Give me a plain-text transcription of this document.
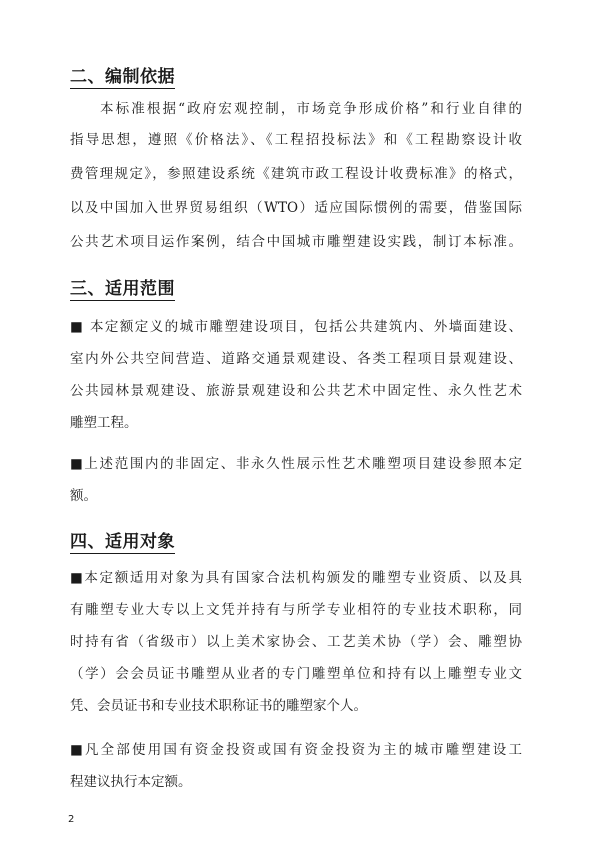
二、编制依据
本标准根据“政府宏观控制，市场竞争形成价格”和行业自律的
指导思想，遵照《价格法》、《工程招投标法》和《工程勘察设计收
费管理规定》，参照建设系统《建筑市政工程设计收费标准》的格式，
以及中国加入世界贸易组织（WTO）适应国际惯例的需要，借鉴国际
公共艺术项目运作案例，结合中国城市雕塑建设实践，制订本标准。
三、适用范围
■ 本定额定义的城市雕塑建设项目，包括公共建筑内、外墙面建设、
室内外公共空间营造、道路交通景观建设、各类工程项目景观建设、
公共园林景观建设、旅游景观建设和公共艺术中固定性、永久性艺术
雕塑工程。
■上述范围内的非固定、非永久性展示性艺术雕塑项目建设参照本定
额。
四、适用对象
■本定额适用对象为具有国家合法机构颁发的雕塑专业资质、以及具
有雕塑专业大专以上文凭并持有与所学专业相符的专业技术职称，同
时持有省（省级市）以上美术家协会、工艺美术协（学）会、雕塑协
（学）会会员证书雕塑从业者的专门雕塑单位和持有以上雕塑专业文
凭、会员证书和专业技术职称证书的雕塑家个人。
■凡全部使用国有资金投资或国有资金投资为主的城市雕塑建设工
程建议执行本定额。
2
